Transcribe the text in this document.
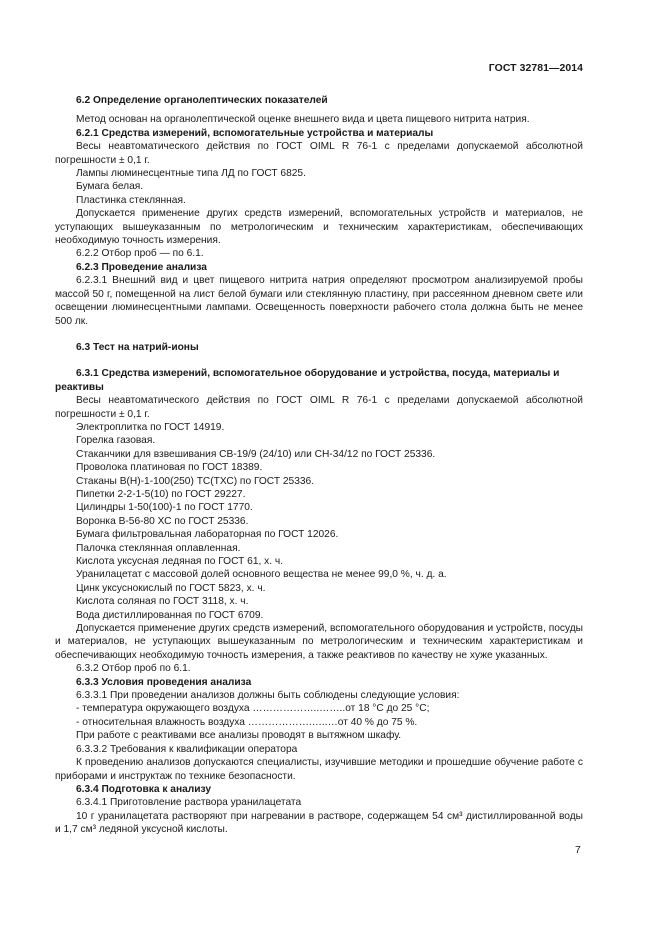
ГОСТ 32781—2014

6.2 Определение органолептических показателей

Метод основан на органолептической оценке внешнего вида и цвета пищевого нитрита натрия.

6.2.1 Средства измерений, вспомогательные устройства и материалы

Весы неавтоматического действия по ГОСТ OIML R 76-1 с пределами допускаемой абсолютной погрешности ± 0,1 г.

Лампы люминесцентные типа ЛД по ГОСТ 6825.

Бумага белая.

Пластинка стеклянная.

Допускается применение других средств измерений, вспомогательных устройств и материалов, не уступающих вышеуказанным по метрологическим и техническим характеристикам, обеспечивающих необходимую точность измерения.

6.2.2 Отбор проб — по 6.1.

6.2.3 Проведение анализа

6.2.3.1 Внешний вид и цвет пищевого нитрита натрия определяют просмотром анализируемой пробы массой 50 г, помещенной на лист белой бумаги или стеклянную пластину, при рассеянном дневном свете или освещении люминесцентными лампами. Освещенность поверхности рабочего стола должна быть не менее 500 лк.

6.3 Тест на натрий-ионы

6.3.1 Средства измерений, вспомогательное оборудование и устройства, посуда, материалы и реактивы

Весы неавтоматического действия по ГОСТ OIML R 76-1 с пределами допускаемой абсолютной погрешности ± 0,1 г.

Электроплитка по ГОСТ 14919.

Горелка газовая.

Стаканчики для взвешивания СВ-19/9 (24/10) или СН-34/12 по ГОСТ 25336.

Проволока платиновая по ГОСТ 18389.

Стаканы В(Н)-1-100(250) ТС(ТХС) по ГОСТ 25336.

Пипетки 2-2-1-5(10) по ГОСТ 29227.

Цилиндры 1-50(100)-1 по ГОСТ 1770.

Воронка В-56-80 ХС по ГОСТ 25336.

Бумага фильтровальная лабораторная по ГОСТ 12026.

Палочка стеклянная оплавленная.

Кислота уксусная ледяная по ГОСТ 61, х. ч.

Уранилацетат с массовой долей основного вещества не менее 99,0 %, ч. д. а.

Цинк уксуснокислый по ГОСТ 5823, х. ч.

Кислота соляная по ГОСТ 3118, х. ч.

Вода дистиллированная по ГОСТ 6709.

Допускается применение других средств измерений, вспомогательного оборудования и устройств, посуды и материалов, не уступающих вышеуказанным по метрологическим и техническим характеристикам и обеспечивающих необходимую точность измерения, а также реактивов по качеству не хуже указанных.

6.3.2 Отбор проб по 6.1.

6.3.3 Условия проведения анализа

6.3.3.1 При проведении анализов должны быть соблюдены следующие условия:

- температура окружающего воздуха ………………..……..от 18 °С до 25 °С;

- относительная влажность воздуха ……………….…..…от 40 % до 75 %.

При работе с реактивами все анализы проводят в вытяжном шкафу.

6.3.3.2 Требования к квалификации оператора

К проведению анализов допускаются специалисты, изучившие методики и прошедшие обучение работе с приборами и инструктаж по технике безопасности.

6.3.4 Подготовка к анализу

6.3.4.1 Приготовление раствора уранилацетата

10 г уранилацетата растворяют при нагревании в растворе, содержащем 54 см³ дистиллированной воды и 1,7 см³ ледяной уксусной кислоты.

7
